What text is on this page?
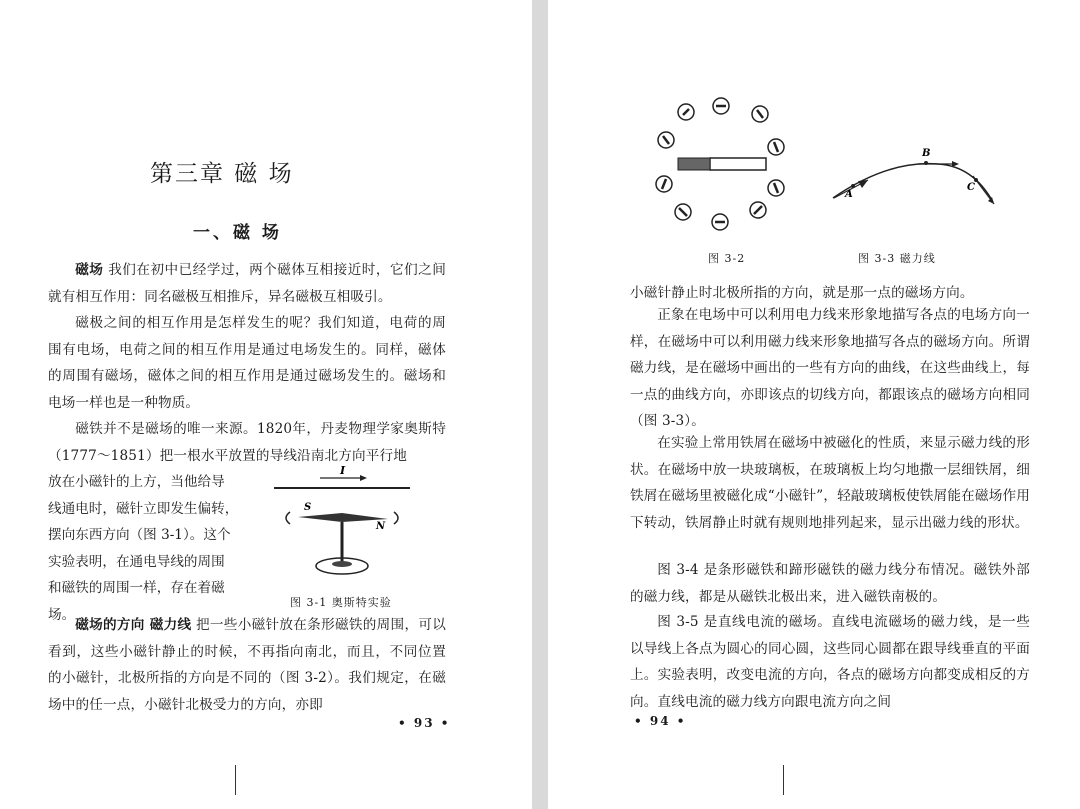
第三章 磁 场
一、磁 场

磁场 我们在初中已经学过，两个磁体互相接近时，它们之间就有相互作用：同名磁极互相推斥，异名磁极互相吸引。

磁极之间的相互作用是怎样发生的呢？我们知道，电荷的周围有电场，电荷之间的相互作用是通过电场发生的。同样，磁体的周围有磁场，磁体之间的相互作用是通过磁场发生的。磁场和电场一样也是一种物质。

磁铁并不是磁场的唯一来源。1820年，丹麦物理学家奥斯特（1777～1851）把一根水平放置的导线沿南北方向平行地

放在小磁针的上方，当他给导
线通电时，磁针立即发生偏转，
摆向东西方向（图 3-1）。这个
实验表明，在通电导线的周围
和磁铁的周围一样，存在着磁
场。
I
S
N
图 3-1 奥斯特实验

磁场的方向 磁力线 把一些小磁针放在条形磁铁的周围，可以看到，这些小磁针静止的时候，不再指向南北，而且，不同位置的小磁针，北极所指的方向是不同的（图 3-2）。我们规定，在磁场中的任一点，小磁针北极受力的方向，亦即

• 93 •
A
B
C
图 3-2	图 3-3 磁力线

小磁针静止时北极所指的方向，就是那一点的磁场方向。

正象在电场中可以利用电力线来形象地描写各点的电场方向一样，在磁场中可以利用磁力线来形象地描写各点的磁场方向。所谓磁力线，是在磁场中画出的一些有方向的曲线，在这些曲线上，每一点的曲线方向，亦即该点的切线方向，都跟该点的磁场方向相同（图 3-3）。

在实验上常用铁屑在磁场中被磁化的性质，来显示磁力线的形状。在磁场中放一块玻璃板，在玻璃板上均匀地撒一层细铁屑，细铁屑在磁场里被磁化成“小磁针”，轻敲玻璃板使铁屑能在磁场作用下转动，铁屑静止时就有规则地排列起来，显示出磁力线的形状。

图 3-4 是条形磁铁和蹄形磁铁的磁力线分布情况。磁铁外部的磁力线，都是从磁铁北极出来，进入磁铁南极的。

图 3-5 是直线电流的磁场。直线电流磁场的磁力线，是一些以导线上各点为圆心的同心圆，这些同心圆都在跟导线垂直的平面上。实验表明，改变电流的方向，各点的磁场方向都变成相反的方向。直线电流的磁力线方向跟电流方向之间

• 94 •
